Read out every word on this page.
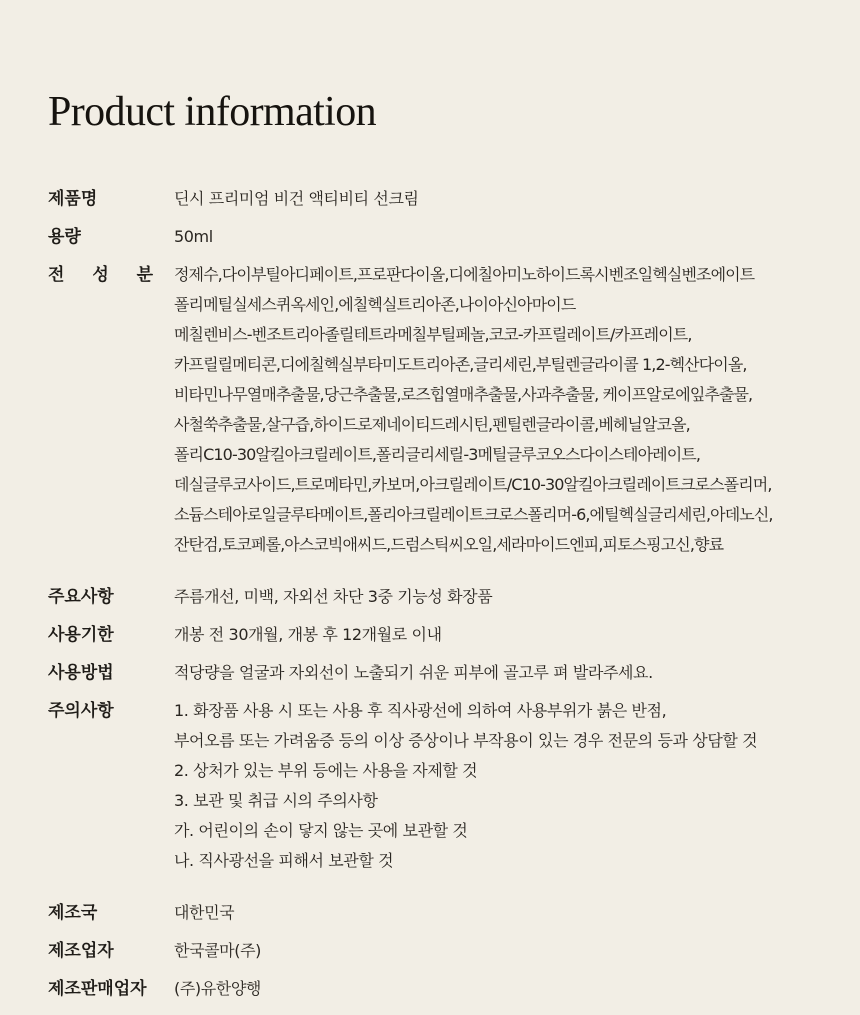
Product information
제품명	딘시 프리미엄 비건 액티비티 선크림
용량	50ml
전 성 분 정제수,다이부틸아디페이트,프로판다이올,디에칠아미노하이드록시벤조일헥실벤조에이트
폴리메틸실세스퀴옥세인,에칠헥실트리아존,나이아신아마이드
메칠렌비스-벤조트리아졸릴테트라메칠부틸페놀,코코-카프릴레이트/카프레이트,
카프릴릴메티콘,디에칠헥실부타미도트리아존,글리세린,부틸렌글라이콜 1,2-헥산다이올,
비타민나무열매추출물,당근추출물,로즈힙열매추출물,사과추출물, 케이프알로에잎추출물,
사철쑥추출물,살구즙,하이드로제네이티드레시틴,펜틸렌글라이콜,베헤닐알코올,
폴리C10-30알킬아크릴레이트,폴리글리세릴-3메틸글루코오스다이스테아레이트,
데실글루코사이드,트로메타민,카보머,아크릴레이트/C10-30알킬아크릴레이트크로스폴리머,
소듐스테아로일글루타메이트,폴리아크릴레이트크로스폴리머-6,에틸헥실글리세린,아데노신,
잔탄검,토코페롤,아스코빅애씨드,드럼스틱씨오일,세라마이드엔피,피토스핑고신,향료
주요사항	주름개선, 미백, 자외선 차단 3중 기능성 화장품
사용기한	개봉 전 30개월, 개봉 후 12개월로 이내
사용방법	적당량을 얼굴과 자외선이 노출되기 쉬운 피부에 골고루 펴 발라주세요.
주의사항	1. 화장품 사용 시 또는 사용 후 직사광선에 의하여 사용부위가 붉은 반점,
부어오름 또는 가려움증 등의 이상 증상이나 부작용이 있는 경우 전문의 등과 상담할 것
2. 상처가 있는 부위 등에는 사용을 자제할 것
3. 보관 및 취급 시의 주의사항
가. 어린이의 손이 닿지 않는 곳에 보관할 것
나. 직사광선을 피해서 보관할 것
제조국	대한민국
제조업자	한국콜마(주)
제조판매업자	(주)유한양행
